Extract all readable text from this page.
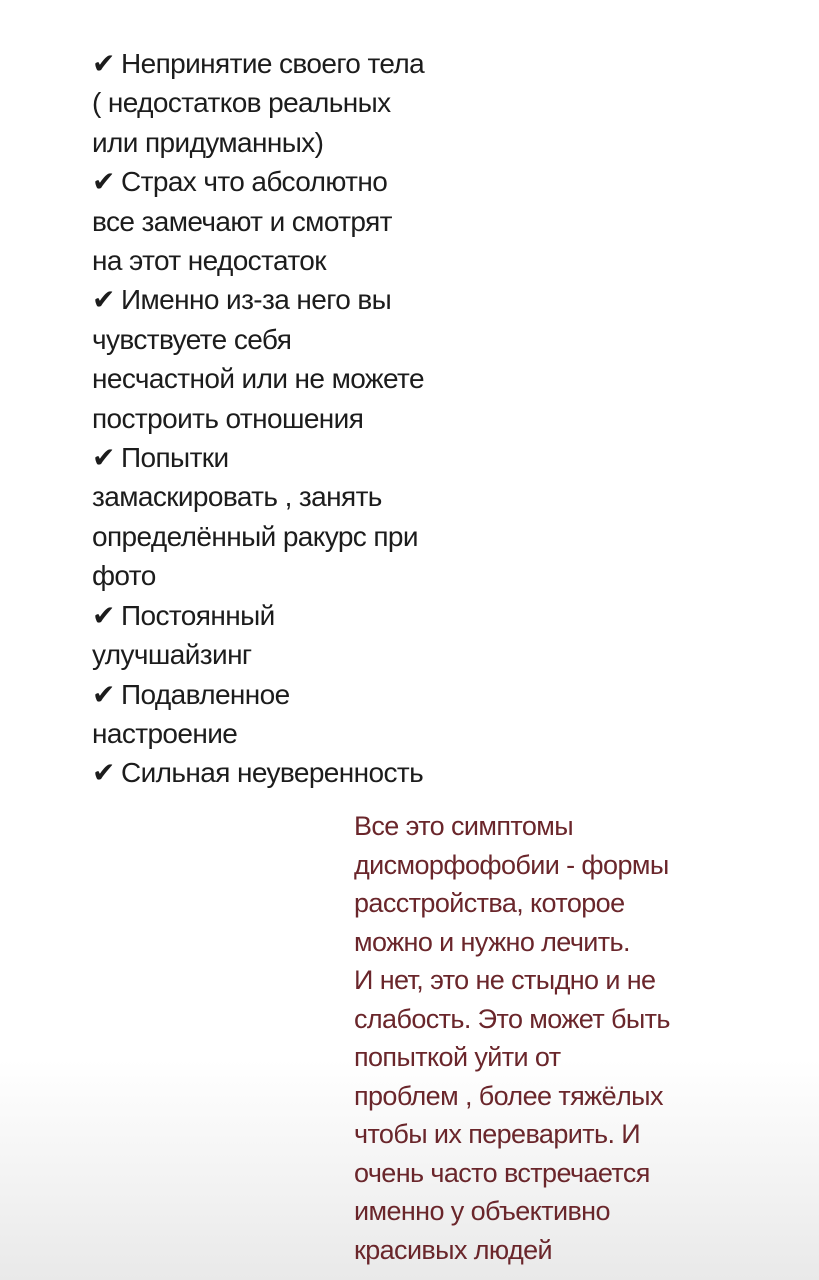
✔ Непринятие своего тела
( недостатков реальных
или придуманных)
✔ Страх что абсолютно
все замечают и смотрят
на этот недостаток
✔ Именно из-за него вы
чувствуете себя
несчастной или не можете
построить отношения
✔ Попытки
замаскировать , занять
определённый ракурс при
фото
✔ Постоянный
улучшайзинг
✔ Подавленное
настроение
✔ Сильная неуверенность
Все это симптомы
дисморфофобии - формы
расстройства, которое
можно и нужно лечить.
И нет, это не стыдно и не
слабость. Это может быть
попыткой уйти от
проблем , более тяжёлых
чтобы их переварить. И
очень часто встречается
именно у объективно
красивых людей
